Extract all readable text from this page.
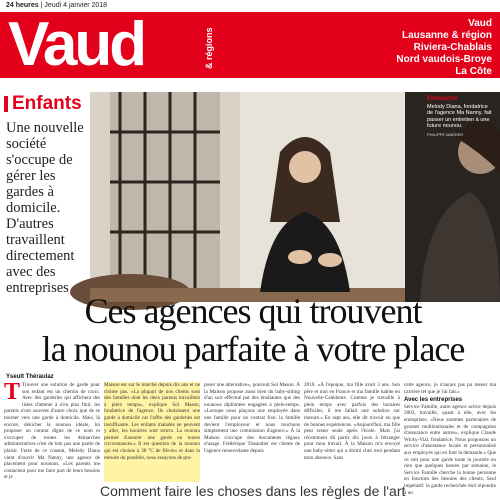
24 heures | Jeudi 4 janvier 2018
Vaud	& régions
Vaud
Lausanne & région
Riviera-Chablais
Nord vaudois-Broye
La Côte
Enfants
Une nouvelle société s'occupe de gérer les gardes à domicile. D'autres travaillent directement avec des entreprises
Embauche
Melody Diana, fondatrice de l'agence Ma Nanny, fait passer un entretien à une future nounou.
PHILIPPE MAEDER
Ces agences qui trouvent
la nounou parfaite à votre place
Yseult Théraulaz
T Trouver une solution de garde pour son enfant est un chemin de croix. Avec des garderies qui affichent des listes d'attente à n'en plus finir, les parents n'ont souvent d'autre choix que de se tourner vers une garde à domicile. Mais, là encore, dénicher la nounou idéale, lui proposer un contrat digne de ce nom et s'occuper de toutes les démarches administratives n'est de loin pas une partie de plaisir. Forte de ce constat, Melody Diana vient d'ouvrir Ma Nanny, une agence de placement pour nounous. «Les parents me contactent pour me faire part de leurs besoins et je
Maison est sur le marché depuis dix ans et ne chôme pas. «La plupart de nos clients sont des familles dont les deux parents travaillent à plein temps», explique Sol Mason, fondatrice de l'agence. Ils choisissent une garde à domicile car l'offre des garderies est insuffisante. Les enfants malades ne peuvent y aller, les horaires sont stricts. La nounou permet d'assurer une garde en toutes circonstances.» Il est question de la nounou qui est choisie à 38 °C de fièvre» et dans la mesure du possible, nous essayons de pro-
poser une alternative», poursuit Sol Mason. À la Maison propose aussi bien du baby-sitting d'un soir effectué par des étudiantes que des nounous diplômées engagées à plein-temps. «Lorsque nous plaçons une employée dans une famille pour un contrat fixe, la famille devient l'employeur et nous touchons simplement une commission d'agence.» À la Maison s'occupe des documents légaux d'usage. Frédérique Tissandier est cliente de l'agence renouvelante depuis
2010. «À l'époque, ma fille avait 3 ans. Son père et moi en France et ma famille habite en Nouvelle-Calédonie. Comme je travaille à plein temps avec parfois des horaires difficiles, il me fallait une solution sur mesure.» En sept ans, elle dit n'avoir eu que de bonnes expériences. «Aujourd'hui, ma fille peut rester seule après l'école. Mais j'ai récemment dû partir dix jours à l'étranger pour mon travail. À la Maison m'a envoyé une baby-sitter qui a dormi chez moi pendant mon absence. Sans
cette agence, je n'aurais pas pu mener ma carrière tel que je l'ai fait.»
Avec les entreprises
Service Famille, autre agence active depuis 2003, travaille, quant à elle, avec les entreprises. «Nous sommes partenaires de grosses multinationales et de compagnies d'assurance entre autres», explique Claude Wicky-Vial, fondatrice. Nous proposons un service d'assistance locale et personnalisé aux employés qui en font la demande.» Que ce soit pour une garde toute la journée ou rien que quelques heures par semaine, le Service Famille cherche la bonne personne en fonction des besoins des clients. Seul impératif: la garde recherchée doit répondre à un
Comment faire les choses dans les règles de l'art
